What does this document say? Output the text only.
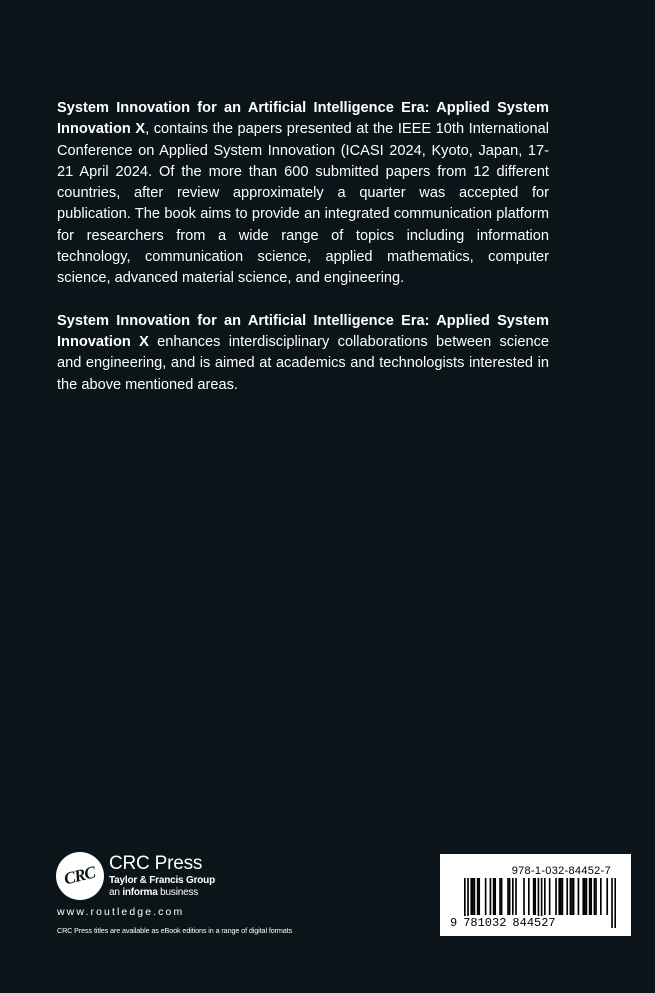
System Innovation for an Artificial Intelligence Era: Applied System Innovation X, contains the papers presented at the IEEE 10th International Conference on Applied System Innovation (ICASI 2024, Kyoto, Japan, 17-21 April 2024. Of the more than 600 submitted papers from 12 different countries, after review approximately a quarter was accepted for publication. The book aims to provide an integrated communication platform for researchers from a wide range of topics including information technology, communication science, applied mathematics, computer science, advanced material science, and engineering.

System Innovation for an Artificial Intelligence Era: Applied System Innovation X enhances interdisciplinary collaborations between science and engineering, and is aimed at academics and technologists interested in the above mentioned areas.

CRC CRC Press
Taylor & Francis Group
an informa business
www.routledge.com
CRC Press titles are available as eBook editions in a range of digital formats
978-1-032-84452-7
9 781032 844527
